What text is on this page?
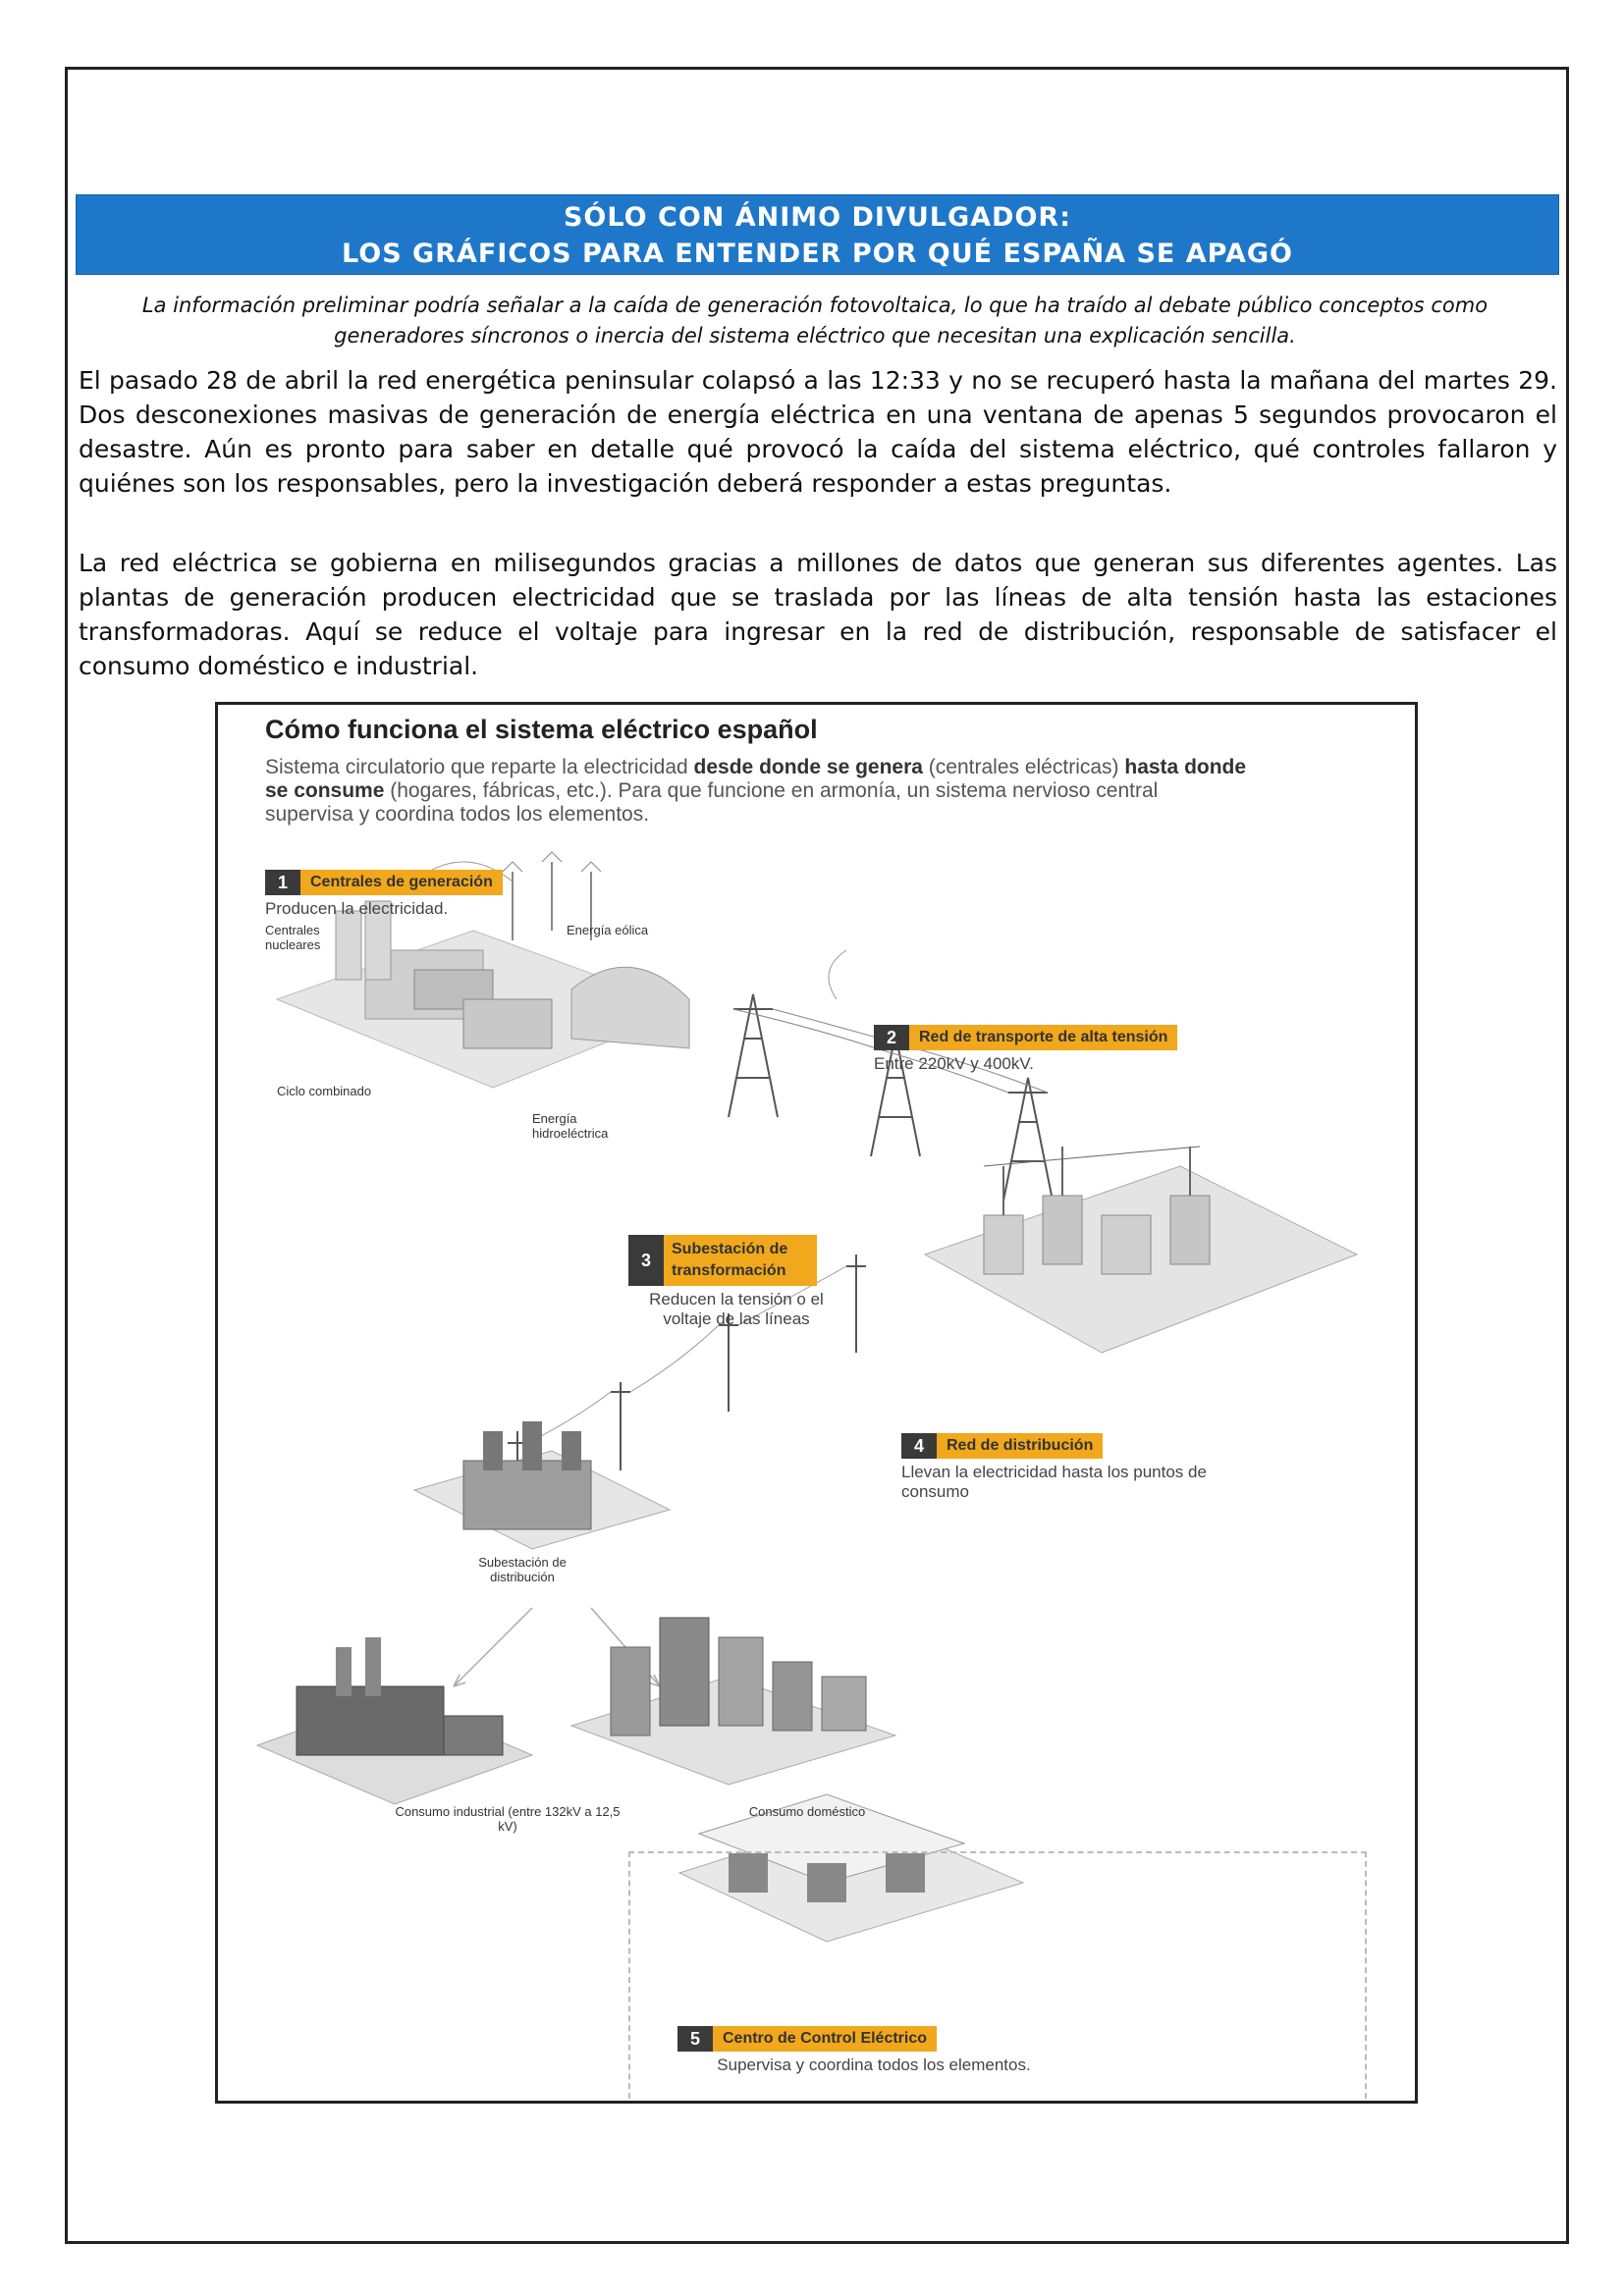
SÓLO CON ÁNIMO DIVULGADOR:
LOS GRÁFICOS PARA ENTENDER POR QUÉ ESPAÑA SE APAGÓ
La información preliminar podría señalar a la caída de generación fotovoltaica, lo que ha traído al debate público conceptos como generadores síncronos o inercia del sistema eléctrico que necesitan una explicación sencilla.
El pasado 28 de abril la red energética peninsular colapsó a las 12:33 y no se recuperó hasta la mañana del martes 29. Dos desconexiones masivas de generación de energía eléctrica en una ventana de apenas 5 segundos provocaron el desastre. Aún es pronto para saber en detalle qué provocó la caída del sistema eléctrico, qué controles fallaron y quiénes son los responsables, pero la investigación deberá responder a estas preguntas.
La red eléctrica se gobierna en milisegundos gracias a millones de datos que generan sus diferentes agentes. Las plantas de generación producen electricidad que se traslada por las líneas de alta tensión hasta las estaciones transformadoras. Aquí se reduce el voltaje para ingresar en la red de distribución, responsable de satisfacer el consumo doméstico e industrial.
Cómo funciona el sistema eléctrico español
Sistema circulatorio que reparte la electricidad desde donde se genera (centrales eléctricas) hasta donde se consume (hogares, fábricas, etc.). Para que funcione en armonía, un sistema nervioso central supervisa y coordina todos los elementos.
1 Centrales de generación
Producen la electricidad.
2 Red de transporte de alta tensión
Entre 220kV y 400kV.
3Subestación de transformación
Reducen la tensión o el voltaje de las líneas
4 Red de distribución
Llevan la electricidad hasta los puntos de consumo
5 Centro de Control Eléctrico
Supervisa y coordina todos los elementos.
Centrales nucleares
Energía eólica
Ciclo combinado
Energía hidroeléctrica
Subestación de distribución
Consumo industrial (entre 132kV a 12,5 kV)
Consumo doméstico
